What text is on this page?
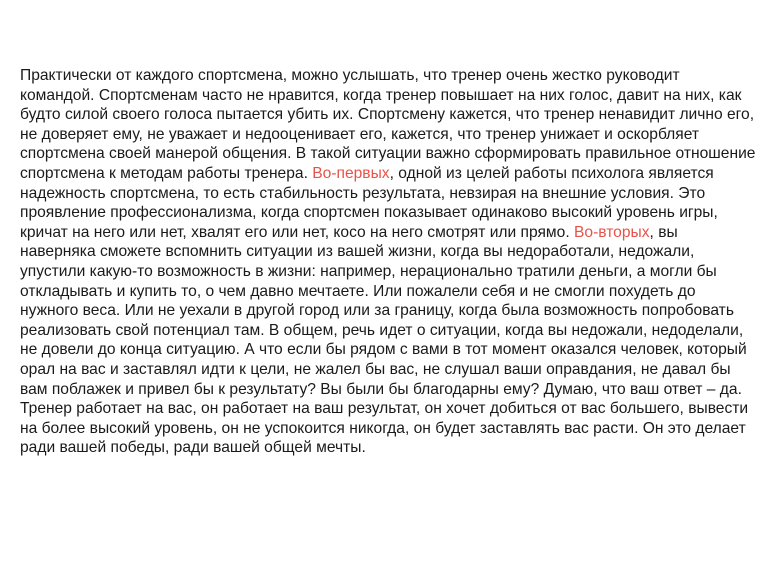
Практически от каждого спортсмена, можно услышать, что тренер очень жестко руководит командой. Спортсменам часто не нравится, когда тренер повышает на них голос, давит на них, как будто силой своего голоса пытается убить их. Спортсмену кажется, что тренер ненавидит лично его, не доверяет ему, не уважает и недооценивает его, кажется, что тренер унижает и оскорбляет спортсмена своей манерой общения. В такой ситуации важно сформировать правильное отношение спортсмена к методам работы тренера. Во-первых, одной из целей работы психолога является надежность спортсмена, то есть стабильность результата, невзирая на внешние условия. Это проявление профессионализма, когда спортсмен показывает одинаково высокий уровень игры, кричат на него или нет, хвалят его или нет, косо на него смотрят или прямо. Во-вторых, вы наверняка сможете вспомнить ситуации из вашей жизни, когда вы недоработали, недожали, упустили какую-то возможность в жизни: например, нерационально тратили деньги, а могли бы откладывать и купить то, о чем давно мечтаете. Или пожалели себя и не смогли похудеть до нужного веса. Или не уехали в другой город или за границу, когда была возможность попробовать реализовать свой потенциал там. В общем, речь идет о ситуации, когда вы недожали, недоделали, не довели до конца ситуацию. А что если бы рядом с вами в тот момент оказался человек, который орал на вас и заставлял идти к цели, не жалел бы вас, не слушал ваши оправдания, не давал бы вам поблажек и привел бы к результату? Вы были бы благодарны ему? Думаю, что ваш ответ – да.

Тренер работает на вас, он работает на ваш результат, он хочет добиться от вас большего, вывести на более высокий уровень, он не успокоится никогда, он будет заставлять вас расти. Он это делает ради вашей победы, ради вашей общей мечты.
